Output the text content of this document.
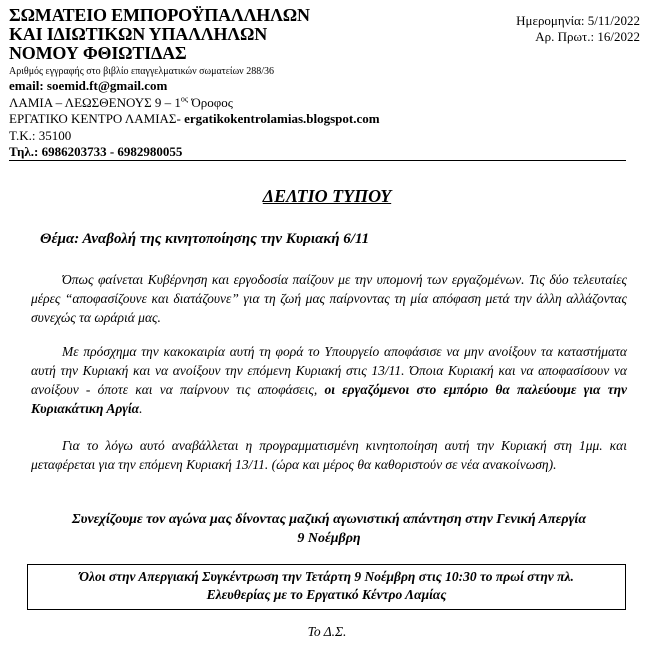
ΣΩΜΑΤΕΙΟ ΕΜΠΟΡΟΫΠΑΛΛΗΛΩΝ
ΚΑΙ ΙΔΙΩΤΙΚΩΝ ΥΠΑΛΛΗΛΩΝ
ΝΟΜΟΥ ΦΘΙΩΤΙΔΑΣ
Αριθμός εγγραφής στο βιβλίο επαγγελματικών σωματείων 288/36
email: soemid.ft@gmail.com
ΛΑΜΙΑ – ΛΕΩΣΘΕΝΟΥΣ $9 - 1^{o\varsigma}$ Όροφος
ΕΡΓΑΤΙΚΟ ΚΕΝΤΡΟ ΛΑΜΙΑΣ- ergatikokentrolamias.blogspot.com
Τ.Κ.: 35100
Τηλ.: 6986203733 - 6982980055
Ημερομηνία: 5/11/2022
Αρ. Πρωτ.: 16/2022
ΔΕΛΤΙΟ ΤΥΠΟΥ
Θέμα: Αναβολή της κινητοποίησης την Κυριακή 6/11

Όπως φαίνεται Κυβέρνηση και εργοδοσία παίζουν με την υπομονή των εργαζομένων. Τις δύο τελευταίες μέρες “αποφασίζουνε και διατάζουνε” για τη ζωή μας παίρνοντας τη μία απόφαση μετά την άλλη αλλάζοντας συνεχώς τα ωράριά μας.

Με πρόσχημα την κακοκαιρία αυτή τη φορά το Υπουργείο αποφάσισε να μην ανοίξουν τα καταστήματα αυτή την Κυριακή και να ανοίξουν την επόμενη Κυριακή στις 13/11. Όποια Κυριακή και να αποφασίσουν να ανοίξουν - όποτε και να παίρνουν τις αποφάσεις, οι εργαζόμενοι στο εμπόριο θα παλεύουμε για την Κυριακάτικη Αργία.

Για το λόγω αυτό αναβάλλεται η προγραμματισμένη κινητοποίηση αυτή την Κυριακή στη 1μμ. και μεταφέρεται για την επόμενη Κυριακή 13/11. (ώρα και μέρος θα καθοριστούν σε νέα ανακοίνωση).

Συνεχίζουμε τον αγώνα μας δίνοντας μαζική αγωνιστική απάντηση στην Γενική Απεργία
9 Νοέμβρη
Όλοι στην Απεργιακή Συγκέντρωση την Τετάρτη 9 Νοέμβρη στις 10:30 το πρωί στην πλ.
Ελευθερίας με το Εργατικό Κέντρο Λαμίας
Το Δ.Σ.
